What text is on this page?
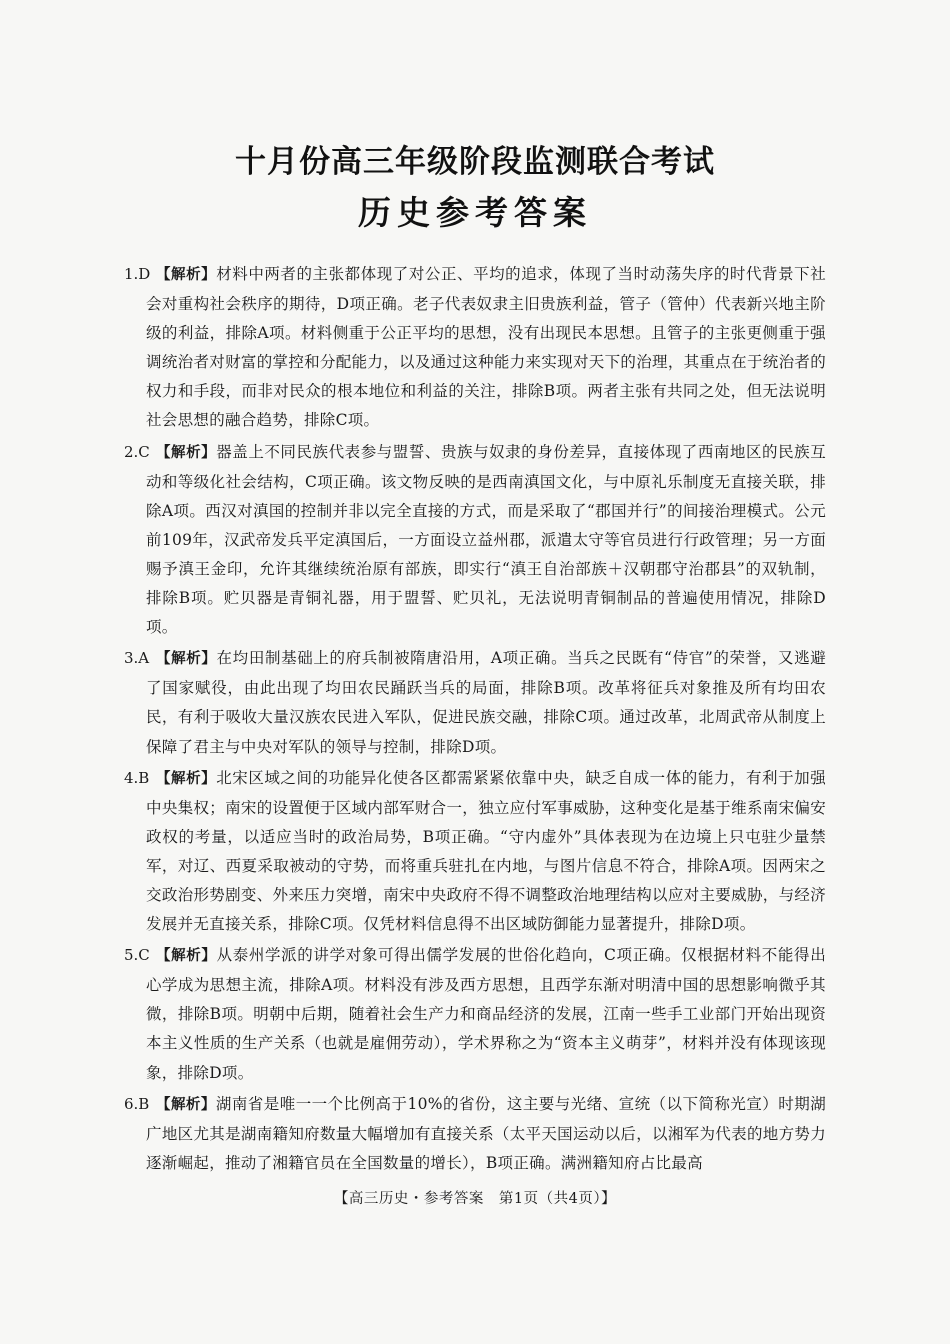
十月份高三年级阶段监测联合考试
历史参考答案
1.D 【解析】材料中两者的主张都体现了对公正、平均的追求，体现了当时动荡失序的时代背景下社会对重构社会秩序的期待，D项正确。老子代表奴隶主旧贵族利益，管子（管仲）代表新兴地主阶级的利益，排除A项。材料侧重于公正平均的思想，没有出现民本思想。且管子的主张更侧重于强调统治者对财富的掌控和分配能力，以及通过这种能力来实现对天下的治理，其重点在于统治者的权力和手段，而非对民众的根本地位和利益的关注，排除B项。两者主张有共同之处，但无法说明社会思想的融合趋势，排除C项。
2.C 【解析】器盖上不同民族代表参与盟誓、贵族与奴隶的身份差异，直接体现了西南地区的民族互动和等级化社会结构，C项正确。该文物反映的是西南滇国文化，与中原礼乐制度无直接关联，排除A项。西汉对滇国的控制并非以完全直接的方式，而是采取了“郡国并行”的间接治理模式。公元前109年，汉武帝发兵平定滇国后，一方面设立益州郡，派遣太守等官员进行行政管理；另一方面赐予滇王金印，允许其继续统治原有部族，即实行“滇王自治部族＋汉朝郡守治郡县”的双轨制，排除B项。贮贝器是青铜礼器，用于盟誓、贮贝礼，无法说明青铜制品的普遍使用情况，排除D项。
3.A 【解析】在均田制基础上的府兵制被隋唐沿用，A项正确。当兵之民既有“侍官”的荣誉，又逃避了国家赋役，由此出现了均田农民踊跃当兵的局面，排除B项。改革将征兵对象推及所有均田农民，有利于吸收大量汉族农民进入军队，促进民族交融，排除C项。通过改革，北周武帝从制度上保障了君主与中央对军队的领导与控制，排除D项。
4.B 【解析】北宋区域之间的功能异化使各区都需紧紧依靠中央，缺乏自成一体的能力，有利于加强中央集权；南宋的设置便于区域内部军财合一，独立应付军事威胁，这种变化是基于维系南宋偏安政权的考量，以适应当时的政治局势，B项正确。“守内虚外”具体表现为在边境上只屯驻少量禁军，对辽、西夏采取被动的守势，而将重兵驻扎在内地，与图片信息不符合，排除A项。因两宋之交政治形势剧变、外来压力突增，南宋中央政府不得不调整政治地理结构以应对主要威胁，与经济发展并无直接关系，排除C项。仅凭材料信息得不出区域防御能力显著提升，排除D项。
5.C 【解析】从泰州学派的讲学对象可得出儒学发展的世俗化趋向，C项正确。仅根据材料不能得出心学成为思想主流，排除A项。材料没有涉及西方思想，且西学东渐对明清中国的思想影响微乎其微，排除B项。明朝中后期，随着社会生产力和商品经济的发展，江南一些手工业部门开始出现资本主义性质的生产关系（也就是雇佣劳动），学术界称之为“资本主义萌芽”，材料并没有体现该现象，排除D项。
6.B 【解析】湖南省是唯一一个比例高于10%的省份，这主要与光绪、宣统（以下简称光宣）时期湖广地区尤其是湖南籍知府数量大幅增加有直接关系（太平天国运动以后，以湘军为代表的地方势力逐渐崛起，推动了湘籍官员在全国数量的增长），B项正确。满洲籍知府占比最高
【高三历史・参考答案　第1页（共4页）】
